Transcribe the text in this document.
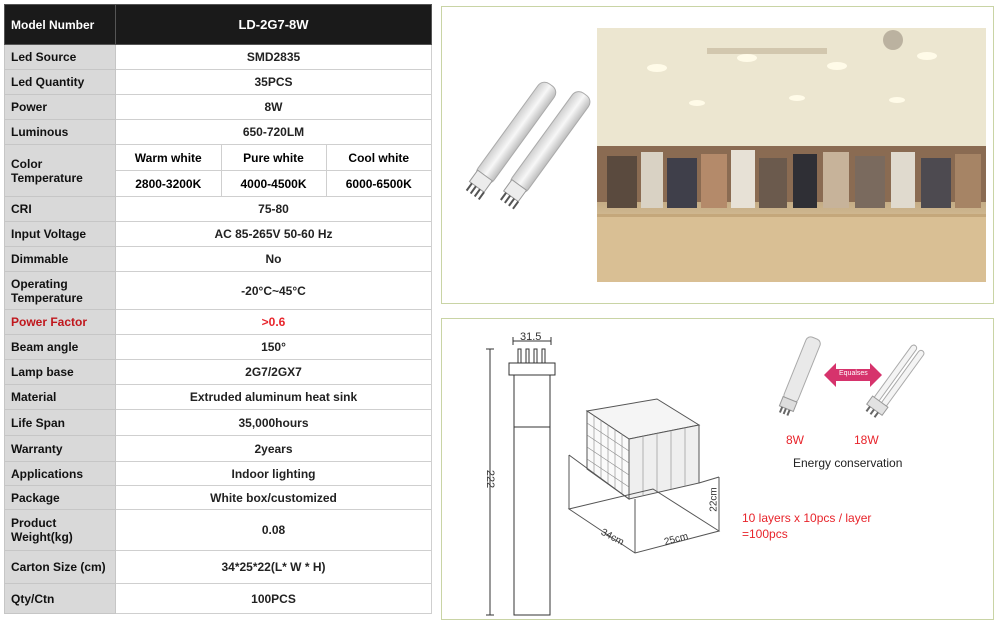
Model Number	LD-2G7-8W
Led Source	SMD2835
Led Quantity	35PCS
Power	8W
Luminous	650-720LM
Color Temperature	
Warm white	Pure white	Cool white
2800-3200K	4000-4500K	6000-6500K

CRI	75-80
Input Voltage	AC 85-265V 50-60 Hz
Dimmable	No
Operating Temperature	-20°C~45°C
Power Factor	>0.6
Beam angle	150°
Lamp base	2G7/2GX7
Material	Extruded aluminum heat sink
Life Span	35,000hours
Warranty	2years
Applications	Indoor lighting
Package	White box/customized
Product Weight(kg)	0.08
Carton Size (cm)	34*25*22(L* W * H)
Qty/Ctn	100PCS
31.5
222
34cm	25cm
22cm
10 layers x 10pcs / layer
=100pcs
Equalses
8W	18W
Energy conservation
